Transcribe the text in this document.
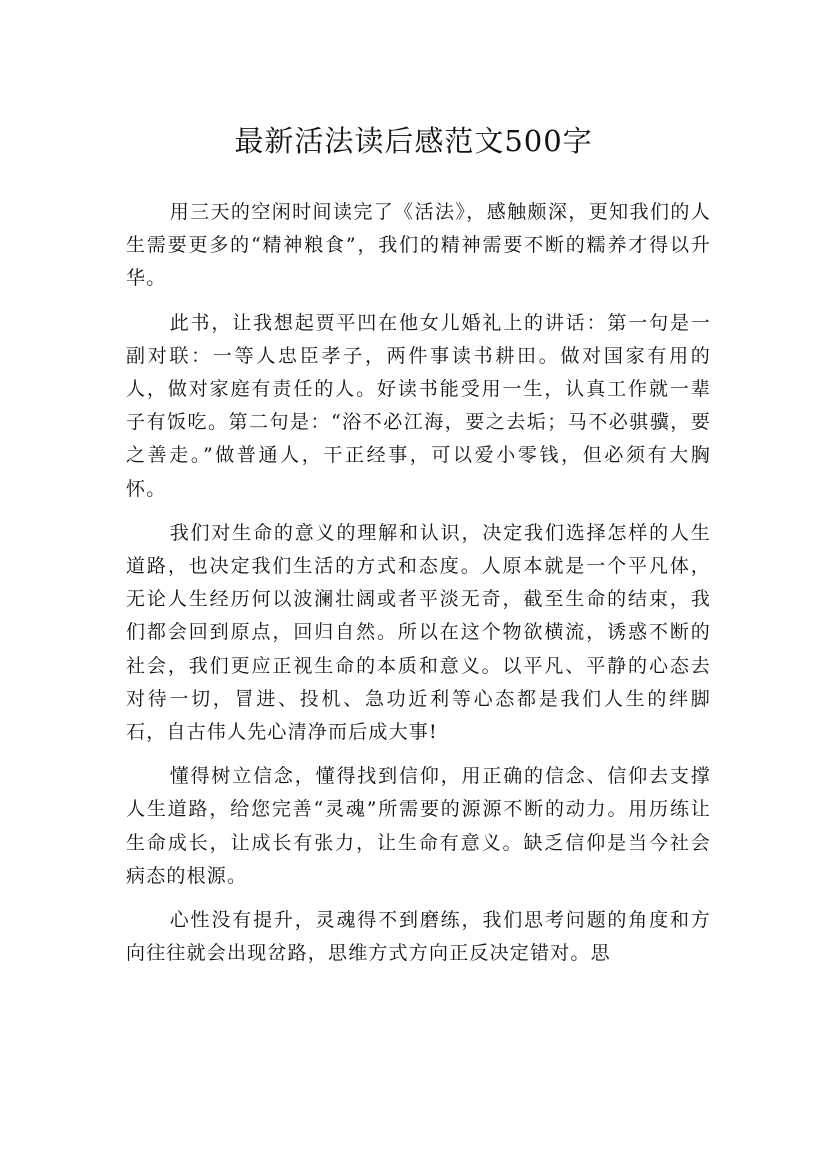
最新活法读后感范文500字

用三天的空闲时间读完了《活法》，感触颇深，更知我们的人生需要更多的“精神粮食”，我们的精神需要不断的糯养才得以升华。

此书，让我想起贾平凹在他女儿婚礼上的讲话：第一句是一副对联：一等人忠臣孝子，两件事读书耕田。做对国家有用的人，做对家庭有责任的人。好读书能受用一生，认真工作就一辈子有饭吃。第二句是：“浴不必江海，要之去垢；马不必骐骥，要之善走。”做普通人，干正经事，可以爱小零钱，但必须有大胸怀。

我们对生命的意义的理解和认识，决定我们选择怎样的人生道路，也决定我们生活的方式和态度。人原本就是一个平凡体，无论人生经历何以波澜壮阔或者平淡无奇，截至生命的结束，我们都会回到原点，回归自然。所以在这个物欲横流，诱惑不断的社会，我们更应正视生命的本质和意义。以平凡、平静的心态去对待一切，冒进、投机、急功近利等心态都是我们人生的绊脚石，自古伟人先心清净而后成大事!

懂得树立信念，懂得找到信仰，用正确的信念、信仰去支撑人生道路，给您完善“灵魂”所需要的源源不断的动力。用历练让生命成长，让成长有张力，让生命有意义。缺乏信仰是当今社会病态的根源。

心性没有提升，灵魂得不到磨练，我们思考问题的角度和方向往往就会出现岔路，思维方式方向正反决定错对。思
